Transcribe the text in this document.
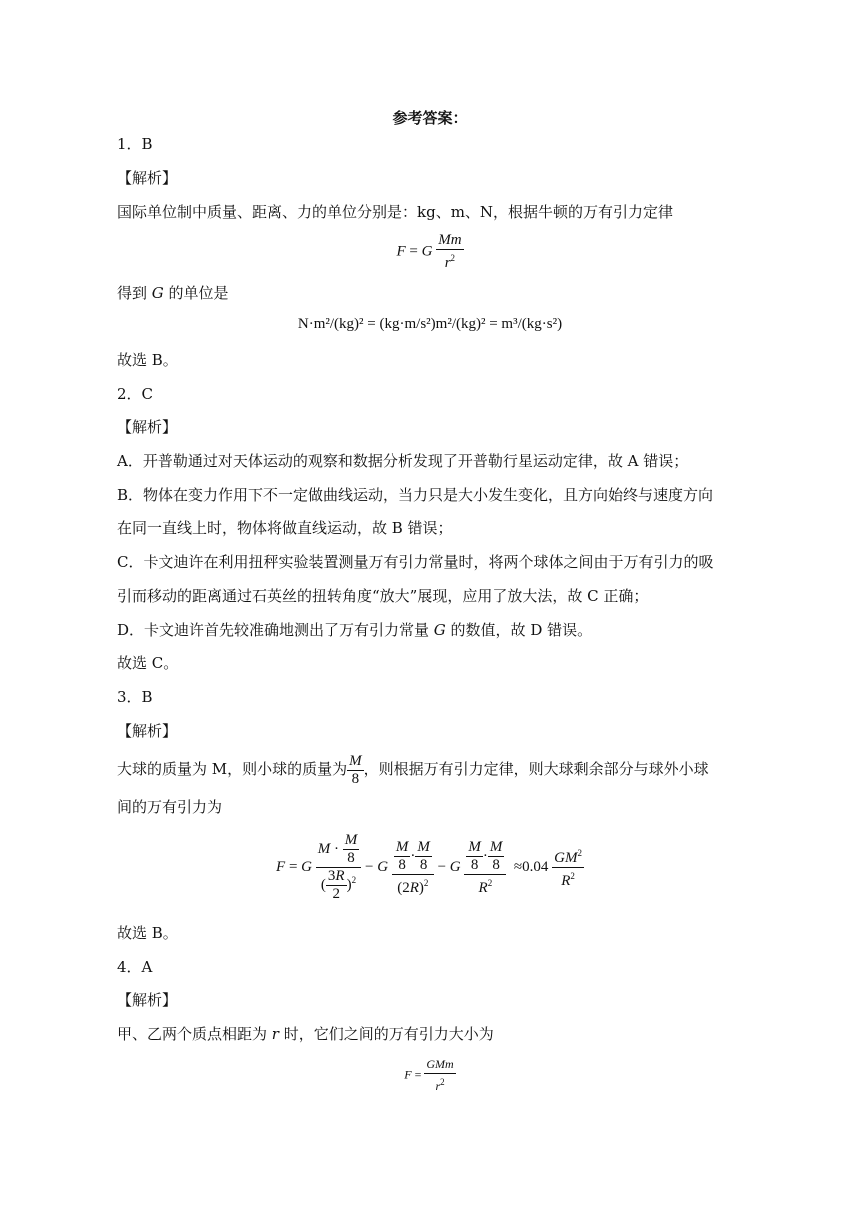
参考答案：
1．B
【解析】
国际单位制中质量、距离、力的单位分别是：kg、m、N，根据牛顿的万有引力定律
F = G $\frac{Mm}{r^2}$
得到 G 的单位是
N·m²/(kg)² = (kg·m/s²)m²/(kg)² = m³/(kg·s²)
故选 B。
2．C
【解析】
A．开普勒通过对天体运动的观察和数据分析发现了开普勒行星运动定律，故 A 错误；
B．物体在变力作用下不一定做曲线运动，当力只是大小发生变化，且方向始终与速度方向
在同一直线上时，物体将做直线运动，故 B 错误；
C．卡文迪许在利用扭秤实验装置测量万有引力常量时，将两个球体之间由于万有引力的吸
引而移动的距离通过石英丝的扭转角度“放大”展现，应用了放大法，故 C 正确；
D．卡文迪许首先较准确地测出了万有引力常量 G 的数值，故 D 错误。
故选 C。
3．B
【解析】
大球的质量为 M，则小球的质量为 $\frac{M}{8}$ ，则根据万有引力定律，则大球剩余部分与球外小球
间的万有引力为
F = G $\frac{M \cdot \frac{M}{8}}{( \frac{3R}{2} )^2} - G \frac{\frac{M}{8} \cdot \frac{M}{8}}{(2R)^2} - G \frac{\frac{M}{8} \cdot \frac{M}{8}}{R^2} \approx 0.04 \frac{GM^2}{R^2}$
故选 B。
4．A
【解析】
甲、乙两个质点相距为 r 时，它们之间的万有引力大小为
$F = \frac{\text{GMm}}{r^2}$
